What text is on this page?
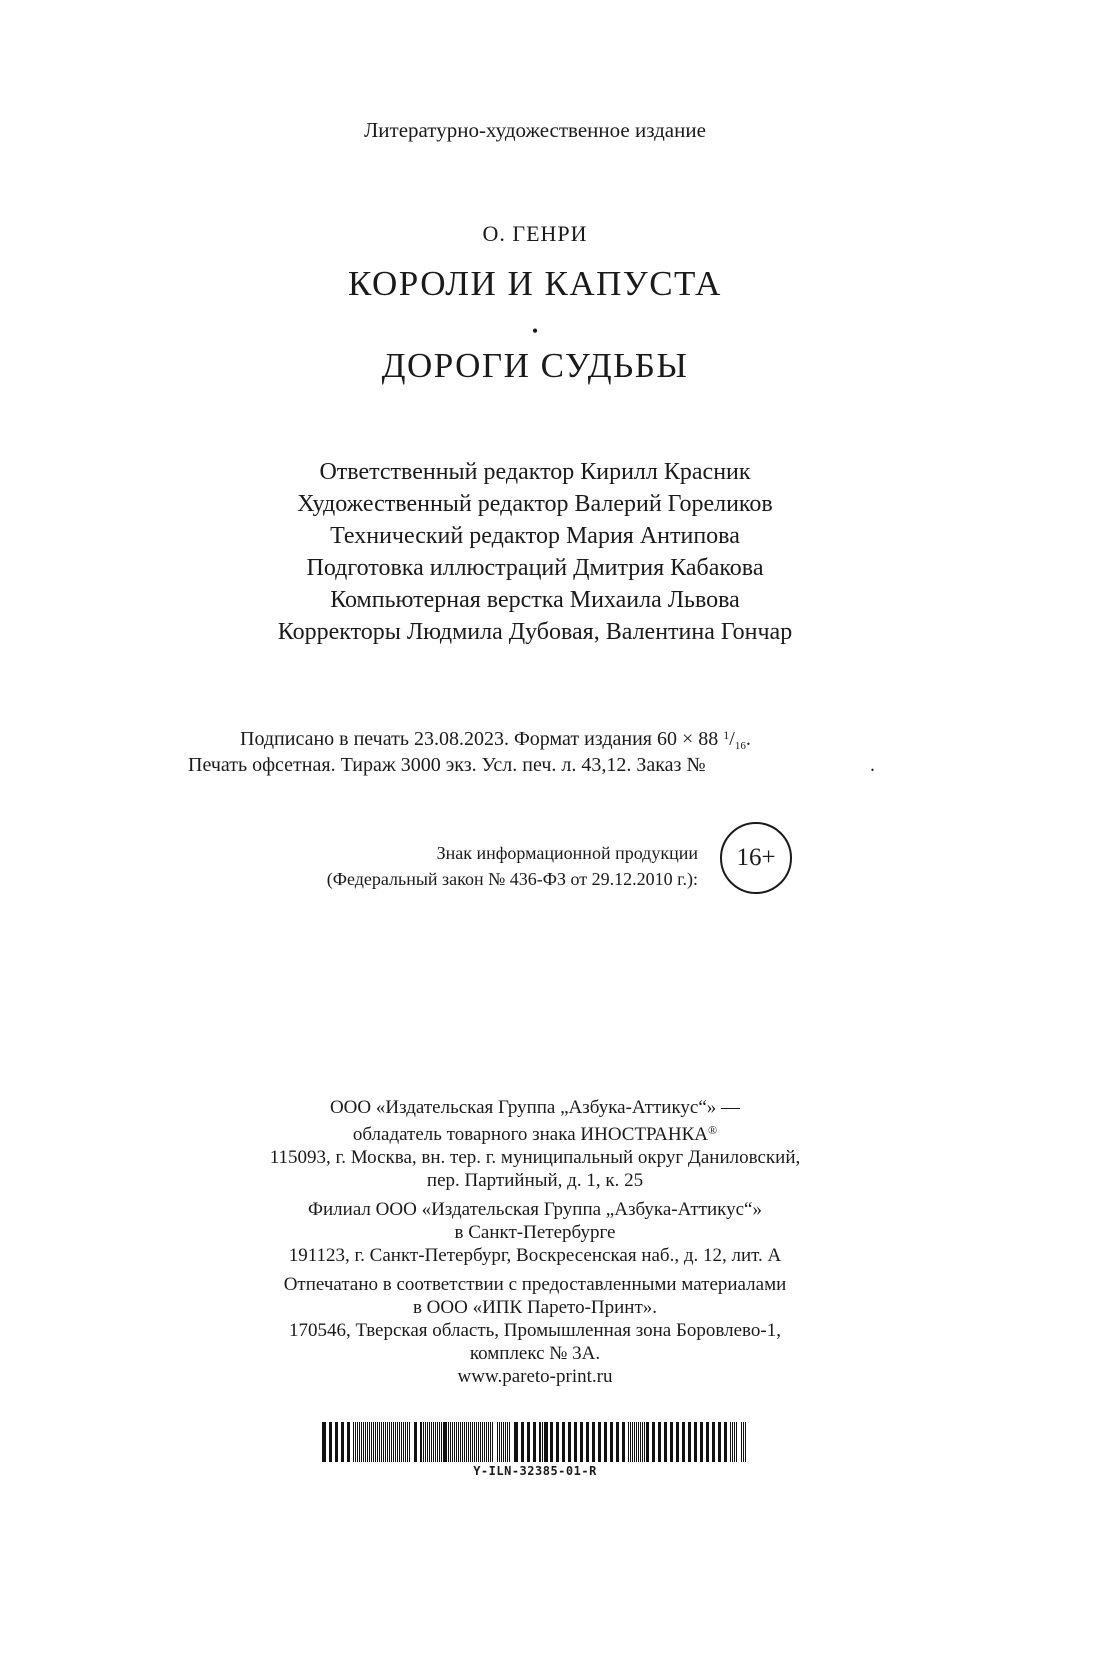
Литературно-художественное издание
О. ГЕНРИ
КОРОЛИ И КАПУСТА
•
ДОРОГИ СУДЬБЫ
Ответственный редактор Кирилл Красник
Художественный редактор Валерий Гореликов
Технический редактор Мария Антипова
Подготовка иллюстраций Дмитрия Кабакова
Компьютерная верстка Михаила Львова
Корректоры Людмила Дубовая, Валентина Гончар
Подписано в печать 23.08.2023. Формат издания 60 × 88 $^1/_{16}$.
Печать офсетная. Тираж 3000 экз. Усл. печ. л. 43,12. Заказ №	.
Знак информационной продукции
(Федеральный закон № 436-ФЗ от 29.12.2010 г.):
16+
ООО «Издательская Группа „Азбука-Аттикус“» —
обладатель товарного знака ИНОСТРАНКА®
115093, г. Москва, вн. тер. г. муниципальный округ Даниловский,
пер. Партийный, д. 1, к. 25
Филиал ООО «Издательская Группа „Азбука-Аттикус“»
в Санкт-Петербурге
191123, г. Санкт-Петербург, Воскресенская наб., д. 12, лит. А
Отпечатано в соответствии с предоставленными материалами
в ООО «ИПК Парето-Принт».
170546, Тверская область, Промышленная зона Боровлево-1,
комплекс № 3А.
www.pareto-print.ru
Y-ILN-32385-01-R
